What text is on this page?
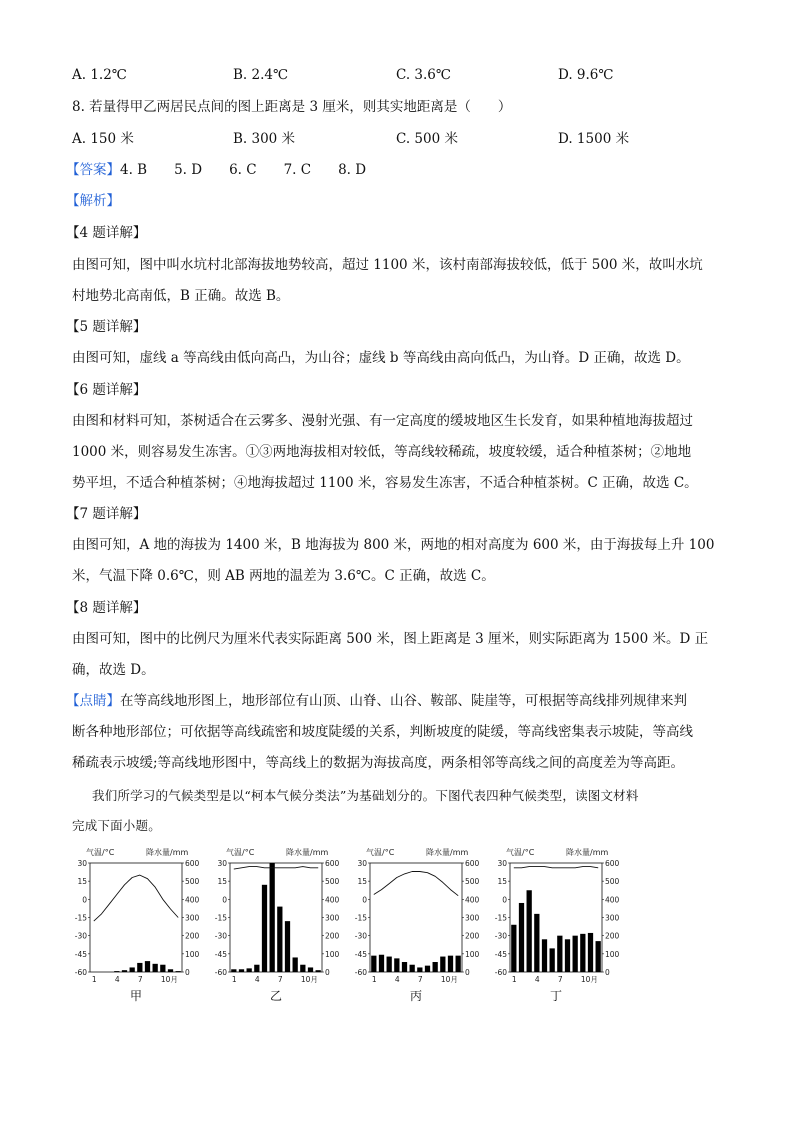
A. 1.2℃	B. 2.4℃	C. 3.6℃	D. 9.6℃
8. 若量得甲乙两居民点间的图上距离是 3 厘米，则其实地距离是（　　）
A. 150 米	B. 300 米	C. 500 米	D. 1500 米
【答案】4. B　　5. D　　6. C　　7. C　　8. D
【解析】
【4 题详解】
由图可知，图中叫水坑村北部海拔地势较高，超过 1100 米，该村南部海拔较低，低于 500 米，故叫水坑
村地势北高南低，B 正确。故选 B。
【5 题详解】
由图可知，虚线 a 等高线由低向高凸，为山谷；虚线 b 等高线由高向低凸，为山脊。D 正确，故选 D。
【6 题详解】
由图和材料可知，茶树适合在云雾多、漫射光强、有一定高度的缓坡地区生长发育，如果种植地海拔超过
1000 米，则容易发生冻害。①③两地海拔相对较低，等高线较稀疏，坡度较缓，适合种植茶树；②地地
势平坦，不适合种植茶树；④地海拔超过 1100 米，容易发生冻害，不适合种植茶树。C 正确，故选 C。
【7 题详解】
由图可知，A 地的海拔为 1400 米，B 地海拔为 800 米，两地的相对高度为 600 米，由于海拔每上升 100
米，气温下降 0.6℃，则 AB 两地的温差为 3.6℃。C 正确，故选 C。
【8 题详解】
由图可知，图中的比例尺为厘米代表实际距离 500 米，图上距离是 3 厘米，则实际距离为 1500 米。D 正
确，故选 D。
【点睛】在等高线地形图上，地形部位有山顶、山脊、山谷、鞍部、陡崖等，可根据等高线排列规律来判
断各种地形部位；可依据等高线疏密和坡度陡缓的关系，判断坡度的陡缓，等高线密集表示坡陡，等高线
稀疏表示坡缓;等高线地形图中，等高线上的数据为海拔高度，两条相邻等高线之间的高度差为等高距。
我们所学习的气候类型是以“柯本气候分类法”为基础划分的。下图代表四种气候类型，读图文材料
完成下面小题。
气温/°C	降水量/mm
30
15
0
-15
-30
-45
-60
600
500
400
300
200
100
0
1 4 7 10月
甲
气温/°C	降水量/mm
30
15
0
-15
-30
-45
-60
600
500
400
300
200
100
0
1 4 7 10月
乙
气温/°C	降水量/mm
30
15
0
-15
-30
-45
-60
600
500
400
300
200
100
0
1 4 7 10月
丙
气温/°C	降水量/mm
30
15
0
-15
-30
-45
-60
600
500
400
300
200
100
0
1 4 7 10月
丁
